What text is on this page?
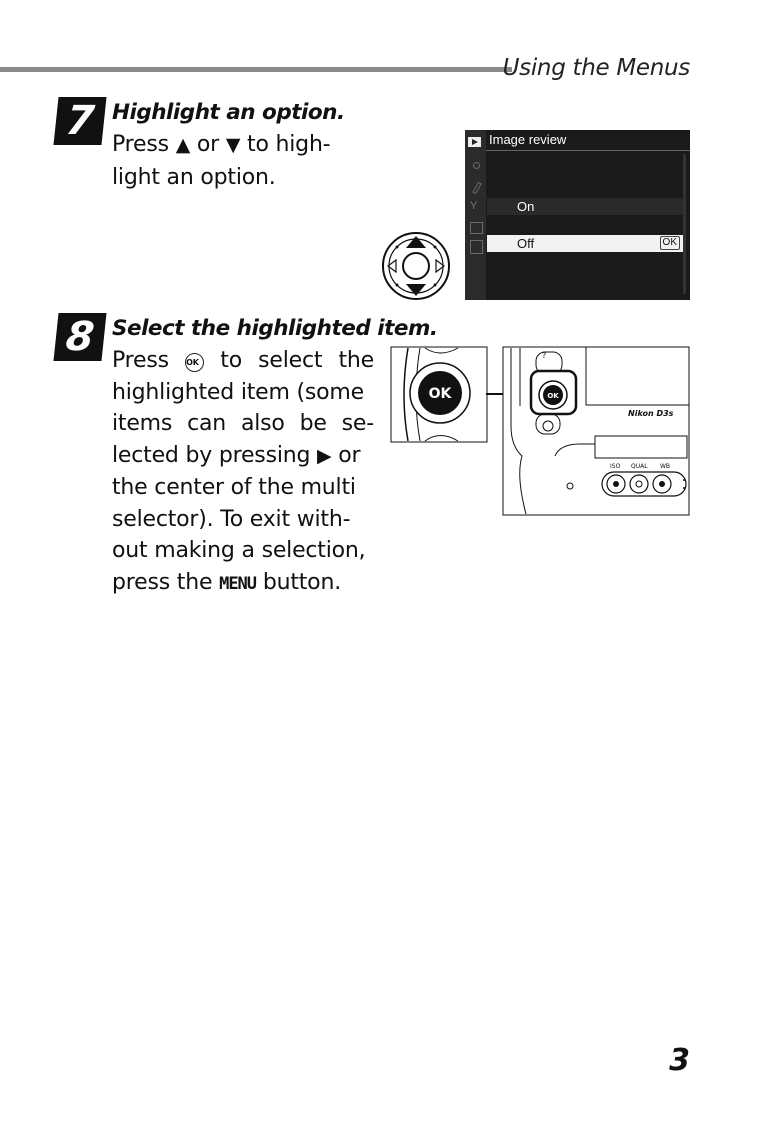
Using the Menus
7 Highlight an option.
Press ▲ or ▼ to high-
light an option.
Y
Image review
On
Off	OK
8 Select the highlighted item.
Press OK to select the
highlighted item (some
items can also be se-
lected by pressing ▶ or
the center of the multi
selector). To exit with-
out making a selection,
press the MENU button.
OK
?
OK
Nikon D3s
ISO QUAL WB
3
